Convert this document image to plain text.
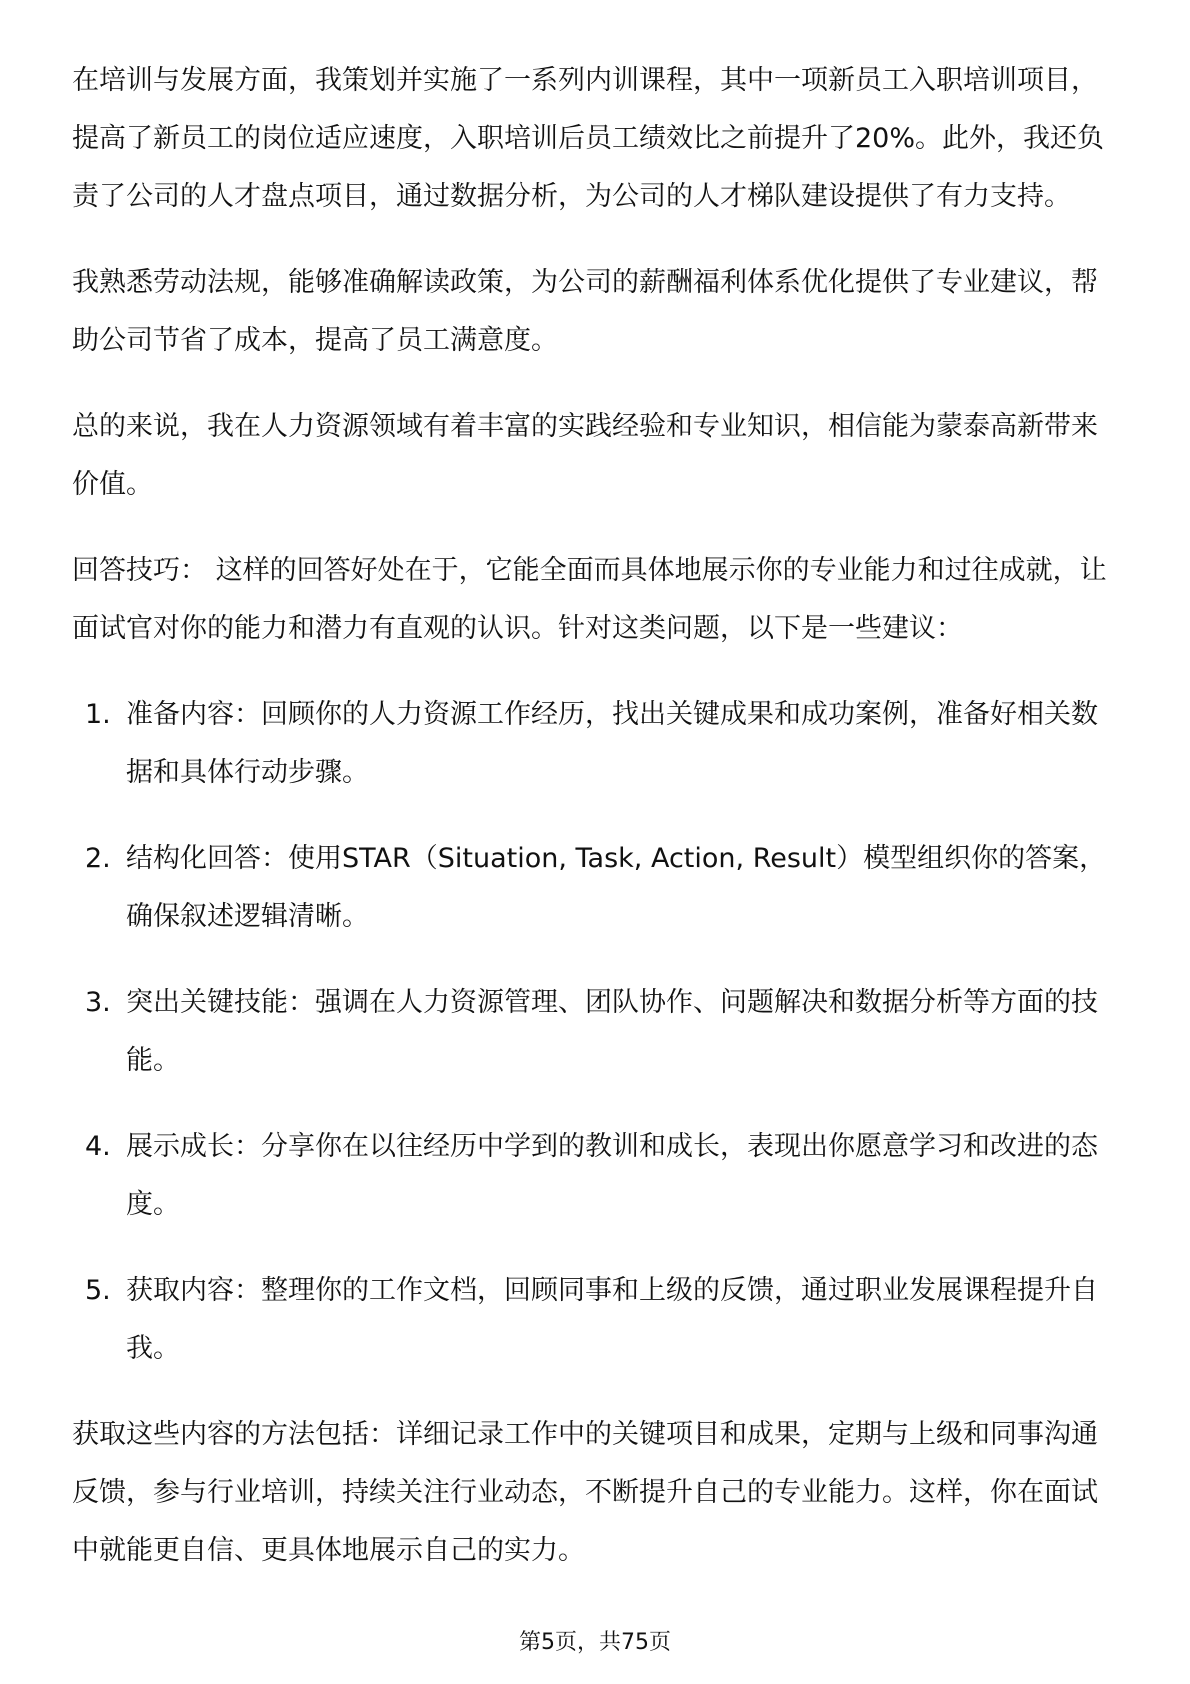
在培训与发展方面，我策划并实施了一系列内训课程，其中一项新员工入职培训项目，提高了新员工的岗位适应速度，入职培训后员工绩效比之前提升了20%。此外，我还负责了公司的人才盘点项目，通过数据分析，为公司的人才梯队建设提供了有力支持。

我熟悉劳动法规，能够准确解读政策，为公司的薪酬福利体系优化提供了专业建议，帮助公司节省了成本，提高了员工满意度。

总的来说，我在人力资源领域有着丰富的实践经验和专业知识，相信能为蒙泰高新带来价值。

回答技巧： 这样的回答好处在于，它能全面而具体地展示你的专业能力和过往成就，让面试官对你的能力和潜力有直观的认识。针对这类问题，以下是一些建议：

1. 准备内容：回顾你的人力资源工作经历，找出关键成果和成功案例，准备好相关数据和具体行动步骤。
2. 结构化回答：使用STAR（Situation, Task, Action, Result）模型组织你的答案，确保叙述逻辑清晰。
3. 突出关键技能：强调在人力资源管理、团队协作、问题解决和数据分析等方面的技能。
4. 展示成长：分享你在以往经历中学到的教训和成长，表现出你愿意学习和改进的态度。
5. 获取内容：整理你的工作文档，回顾同事和上级的反馈，通过职业发展课程提升自我。

获取这些内容的方法包括：详细记录工作中的关键项目和成果，定期与上级和同事沟通反馈，参与行业培训，持续关注行业动态，不断提升自己的专业能力。这样，你在面试中就能更自信、更具体地展示自己的实力。

第5页，共75页
